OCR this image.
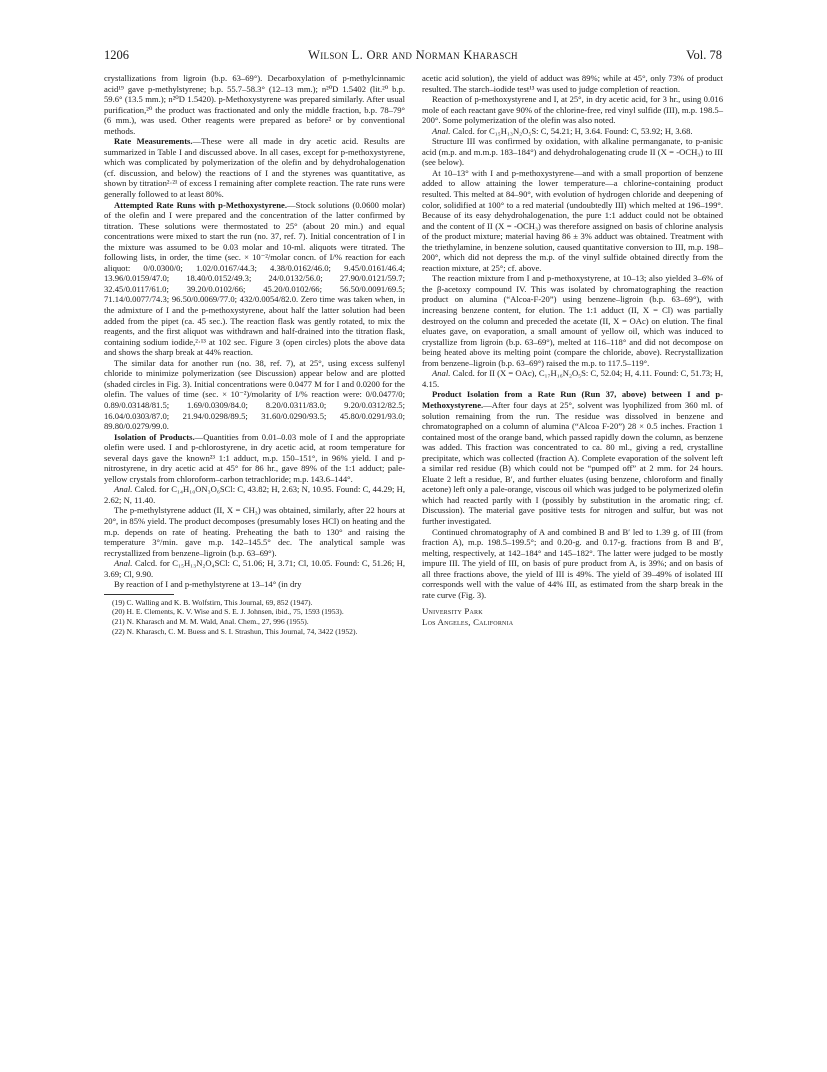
1206	Wilson L. Orr and Norman Kharasch	Vol. 78

crystallizations from ligroin (b.p. 63–69°). Decarboxylation of p-methylcinnamic acid¹⁹ gave p-methylstyrene; b.p. 55.7–58.3° (12–13 mm.); n²⁰D 1.5402 (lit.²⁰ b.p. 59.6° (13.5 mm.); n²⁰D 1.5420). p-Methoxystyrene was prepared similarly. After usual purification,²⁰ the product was fractionated and only the middle fraction, b.p. 78–79° (6 mm.), was used. Other reagents were prepared as before² or by conventional methods.

Rate Measurements.—These were all made in dry acetic acid. Results are summarized in Table I and discussed above. In all cases, except for p-methoxystyrene, which was complicated by polymerization of the olefin and by dehydrohalogenation (cf. discussion, and below) the reactions of I and the styrenes was quantitative, as shown by titration²·²¹ of excess I remaining after complete reaction. The rate runs were generally followed to at least 80%.

Attempted Rate Runs with p-Methoxystyrene.—Stock solutions (0.0600 molar) of the olefin and I were prepared and the concentration of the latter confirmed by titration. These solutions were thermostated to 25° (about 20 min.) and equal concentrations were mixed to start the run (no. 37, ref. 7). Initial concentration of I in the mixture was assumed to be 0.03 molar and 10-ml. aliquots were titrated. The following lists, in order, the time (sec. × 10⁻²/molar concn. of I/% reaction for each aliquot: 0/0.0300/0; 1.02/0.0167/44.3; 4.38/0.0162/46.0; 9.45/0.0161/46.4; 13.96/0.0159/47.0; 18.40/0.0152/49.3; 24/0.0132/56.0; 27.90/0.0121/59.7; 32.45/0.0117/61.0; 39.20/0.0102/66; 45.20/0.0102/66; 56.50/0.0091/69.5; 71.14/0.0077/74.3; 96.50/0.0069/77.0; 432/0.0054/82.0. Zero time was taken when, in the admixture of I and the p-methoxystyrene, about half the latter solution had been added from the pipet (ca. 45 sec.). The reaction flask was gently rotated, to mix the reagents, and the first aliquot was withdrawn and half-drained into the titration flask, containing sodium iodide,²·¹³ at 102 sec. Figure 3 (open circles) plots the above data and shows the sharp break at 44% reaction.

The similar data for another run (no. 38, ref. 7), at 25°, using excess sulfenyl chloride to minimize polymerization (see Discussion) appear below and are plotted (shaded circles in Fig. 3). Initial concentrations were 0.0477 M for I and 0.0200 for the olefin. The values of time (sec. × 10⁻²)/molarity of I/% reaction were: 0/0.0477/0; 0.89/0.03148/81.5; 1.69/0.0309/84.0; 8.20/0.0311/83.0; 9.20/0.0312/82.5; 16.04/0.0303/87.0; 21.94/0.0298/89.5; 31.60/0.0290/93.5; 45.80/0.0291/93.0; 89.80/0.0279/99.0.

Isolation of Products.—Quantities from 0.01–0.03 mole of I and the appropriate olefin were used. I and p-chlorostyrene, in dry acetic acid, at room temperature for several days gave the known²³ 1:1 adduct, m.p. 150–151°, in 96% yield. I and p-nitrostyrene, in dry acetic acid at 45° for 86 hr., gave 89% of the 1:1 adduct; pale-yellow crystals from chloroform–carbon tetrachloride; m.p. 143.6–144°.

Anal. Calcd. for C₁₄H₁₀ON₃O₆SCl: C, 43.82; H, 2.63; N, 10.95. Found: C, 44.29; H, 2.62; N, 11.40.

The p-methylstyrene adduct (II, X = CH₃) was obtained, similarly, after 22 hours at 20°, in 85% yield. The product decomposes (presumably loses HCl) on heating and the m.p. depends on rate of heating. Preheating the bath to 130° and raising the temperature 3°/min. gave m.p. 142–145.5° dec. The analytical sample was recrystallized from benzene–ligroin (b.p. 63–69°).

Anal. Calcd. for C₁₅H₁₃N₂O₄SCl: C, 51.06; H, 3.71; Cl, 10.05. Found: C, 51.26; H, 3.69; Cl, 9.90.

By reaction of I and p-methylstyrene at 13–14° (in dry

(19) C. Walling and K. B. Wolfstirn, This Journal, 69, 852 (1947).

(20) H. E. Clements, K. V. Wise and S. E. J. Johnsen, ibid., 75, 1593 (1953).

(21) N. Kharasch and M. M. Wald, Anal. Chem., 27, 996 (1955).

(22) N. Kharasch, C. M. Buess and S. I. Strashun, This Journal, 74, 3422 (1952).

acetic acid solution), the yield of adduct was 89%; while at 45°, only 73% of product resulted. The starch–iodide test¹³ was used to judge completion of reaction.

Reaction of p-methoxystyrene and I, at 25°, in dry acetic acid, for 3 hr., using 0.016 mole of each reactant gave 90% of the chlorine-free, red vinyl sulfide (III), m.p. 198.5–200°. Some polymerization of the olefin was also noted.

Anal. Calcd. for C₁₅H₁₃N₂O₅S: C, 54.21; H, 3.64. Found: C, 53.92; H, 3.68.

Structure III was confirmed by oxidation, with alkaline permanganate, to p-anisic acid (m.p. and m.m.p. 183–184°) and dehydrohalogenating crude II (X = -OCH₃) to III (see below).

At 10–13° with I and p-methoxystyrene—and with a small proportion of benzene added to allow attaining the lower temperature—a chlorine-containing product resulted. This melted at 84–90°, with evolution of hydrogen chloride and deepening of color, solidified at 100° to a red material (undoubtedly III) which melted at 196–199°. Because of its easy dehydrohalogenation, the pure 1:1 adduct could not be obtained and the content of II (X = -OCH₃) was therefore assigned on basis of chlorine analysis of the product mixture; material having 86 ± 3% adduct was obtained. Treatment with the triethylamine, in benzene solution, caused quantitative conversion to III, m.p. 198–200°, which did not depress the m.p. of the vinyl sulfide obtained directly from the reaction mixture, at 25°; cf. above.

The reaction mixture from I and p-methoxystyrene, at 10–13; also yielded 3–6% of the β-acetoxy compound IV. This was isolated by chromatographing the reaction product on alumina (“Alcoa-F-20”) using benzene–ligroin (b.p. 63–69°), with increasing benzene content, for elution. The 1:1 adduct (II, X = Cl) was partially destroyed on the column and preceded the acetate (II, X = OAc) on elution. The final eluates gave, on evaporation, a small amount of yellow oil, which was induced to crystallize from ligroin (b.p. 63–69°), melted at 116–118° and did not decompose on being heated above its melting point (compare the chloride, above). Recrystallization from benzene–ligroin (b.p. 63–69°) raised the m.p. to 117.5–119°.

Anal. Calcd. for II (X = OAc), C₁₇H₁₆N₂O₅S: C, 52.04; H, 4.11. Found: C, 51.73; H, 4.15.

Product Isolation from a Rate Run (Run 37, above) between I and p-Methoxystyrene.—After four days at 25°, solvent was lyophilized from 360 ml. of solution remaining from the run. The residue was dissolved in benzene and chromatographed on a column of alumina (“Alcoa F-20”) 28 × 0.5 inches. Fraction 1 contained most of the orange band, which passed rapidly down the column, as benzene was added. This fraction was concentrated to ca. 80 ml., giving a red, crystalline precipitate, which was collected (fraction A). Complete evaporation of the solvent left a similar red residue (B) which could not be “pumped off” at 2 mm. for 24 hours. Eluate 2 left a residue, B′, and further eluates (using benzene, chloroform and finally acetone) left only a pale-orange, viscous oil which was judged to be polymerized olefin which had reacted partly with I (possibly by substitution in the aromatic ring; cf. Discussion). The material gave positive tests for nitrogen and sulfur, but was not further investigated.

Continued chromatography of A and combined B and B′ led to 1.39 g. of III (from fraction A), m.p. 198.5–199.5°; and 0.20-g. and 0.17-g. fractions from B and B′, melting, respectively, at 142–184° and 145–182°. The latter were judged to be mostly impure III. The yield of III, on basis of pure product from A, is 39%; and on basis of all three fractions above, the yield of III is 49%. The yield of 39–49% of isolated III corresponds well with the value of 44% III, as estimated from the sharp break in the rate curve (Fig. 3).

University Park
Los Angeles, California
